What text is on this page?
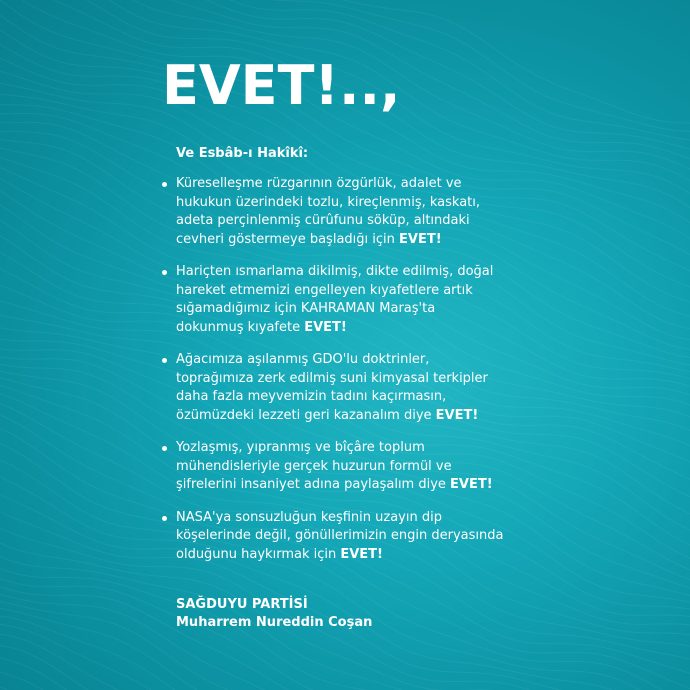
EVET!..,
Ve Esbâb-ı Hakîkî:
Küreselleşme rüzgarının özgürlük, adalet ve
hukukun üzerindeki tozlu, kireçlenmiş, kaskatı,
adeta perçinlenmiş cürûfunu söküp, altındaki
cevheri göstermeye başladığı için EVET!
Hariçten ısmarlama dikilmiş, dikte edilmiş, doğal
hareket etmemizi engelleyen kıyafetlere artık
sığamadığımız için KAHRAMAN Maraş'ta
dokunmuş kıyafete EVET!
Ağacımıza aşılanmış GDO'lu doktrinler,
toprağımıza zerk edilmiş suni kimyasal terkipler
daha fazla meyvemizin tadını kaçırmasın,
özümüzdeki lezzeti geri kazanalım diye EVET!
Yozlaşmış, yıpranmış ve bîçâre toplum
mühendisleriyle gerçek huzurun formül ve
şifrelerini insaniyet adına paylaşalım diye EVET!
NASA'ya sonsuzluğun keşfinin uzayın dip
köşelerinde değil, gönüllerimizin engin deryasında
olduğunu haykırmak için EVET!
SAĞDUYU PARTİSİ
Muharrem Nureddin Coşan
